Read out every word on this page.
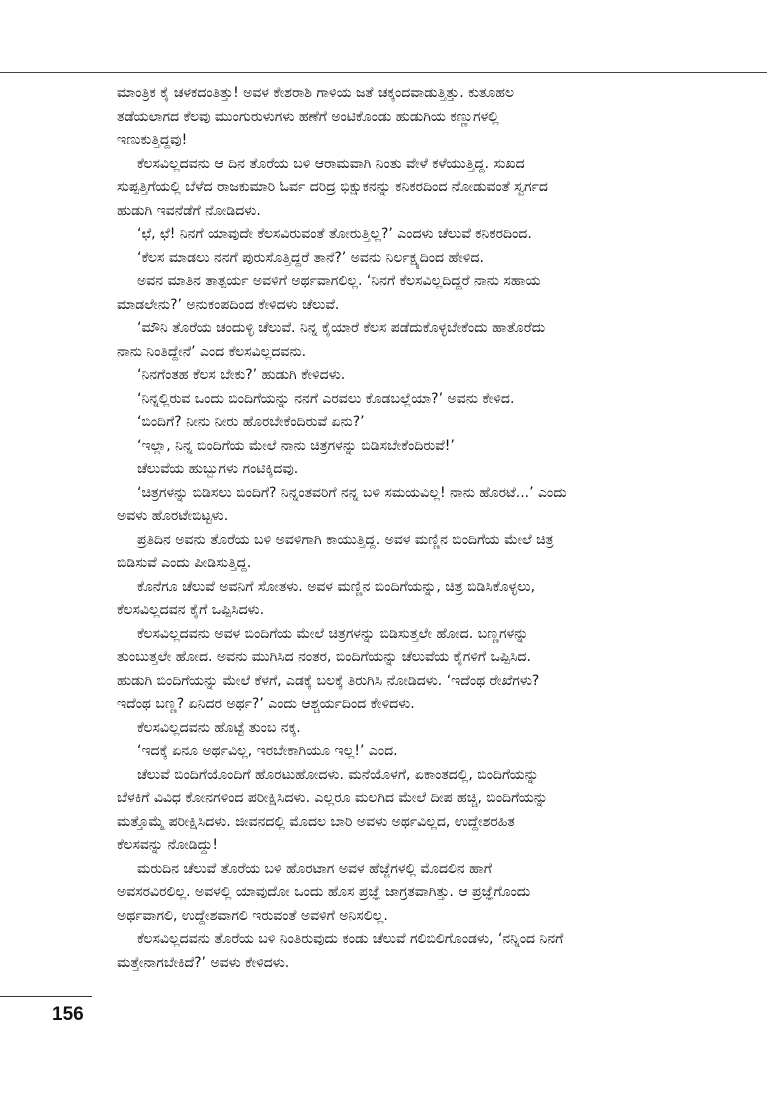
ಮಾಂತ್ರಿಕ ಕೈ ಚಳಕದಂತಿತ್ತು! ಅವಳ ಕೇಶರಾಶಿ ಗಾಳಿಯ ಜತೆ ಚಕ್ಕಂದವಾಡುತ್ತಿತ್ತು. ಕುತೂಹಲ
ತಡೆಯಲಾಗದ ಕೆಲವು ಮುಂಗುರುಳುಗಳು ಹಣೆಗೆ ಅಂಟಿಕೊಂಡು ಹುಡುಗಿಯ ಕಣ್ಣುಗಳಲ್ಲಿ
ಇಣುಕುತ್ತಿದ್ದವು!
ಕೆಲಸವಿಲ್ಲದವನು ಆ ದಿನ ತೊರೆಯ ಬಳಿ ಆರಾಮವಾಗಿ ನಿಂತು ವೇಳೆ ಕಳೆಯುತ್ತಿದ್ದ. ಸುಖದ
ಸುಪ್ಪತ್ತಿಗೆಯಲ್ಲಿ ಬೆಳೆದ ರಾಜಕುಮಾರಿ ಓರ್ವ ದರಿದ್ರ ಭಿಕ್ಷುಕನನ್ನು ಕನಿಕರದಿಂದ ನೋಡುವಂತೆ ಸ್ವರ್ಗದ
ಹುಡುಗಿ ಇವನೆಡೆಗೆ ನೋಡಿದಳು.
‘ಛೆ, ಛೆ! ನಿನಗೆ ಯಾವುದೇ ಕೆಲಸವಿರುವಂತೆ ತೋರುತ್ತಿಲ್ಲ?’ ಎಂದಳು ಚೆಲುವೆ ಕನಿಕರದಿಂದ.
‘ಕೆಲಸ ಮಾಡಲು ನನಗೆ ಪುರುಸೊತ್ತಿದ್ದರೆ ತಾನೆ?’ ಅವನು ನಿರ್ಲಕ್ಷ್ಯದಿಂದ ಹೇಳಿದ.
ಅವನ ಮಾತಿನ ತಾತ್ಪರ್ಯ ಅವಳಿಗೆ ಅರ್ಥವಾಗಲಿಲ್ಲ. ‘ನಿನಗೆ ಕೆಲಸವಿಲ್ಲದಿದ್ದರೆ ನಾನು ಸಹಾಯ
ಮಾಡಲೇನು?’ ಅನುಕಂಪದಿಂದ ಕೇಳಿದಳು ಚೆಲುವೆ.
‘ಮೌನಿ ತೊರೆಯ ಚಂದುಳ್ಳಿ ಚೆಲುವೆ. ನಿನ್ನ ಕೈಯಾರೆ ಕೆಲಸ ಪಡೆದುಕೊಳ್ಳಬೇಕೆಂದು ಹಾತೊರೆದು
ನಾನು ನಿಂತಿದ್ದೇನೆ’ ಎಂದ ಕೆಲಸವಿಲ್ಲದವನು.
‘ನಿನಗೆಂತಹ ಕೆಲಸ ಬೇಕು?’ ಹುಡುಗಿ ಕೇಳಿದಳು.
‘ನಿನ್ನಲ್ಲಿರುವ ಒಂದು ಬಿಂದಿಗೆಯನ್ನು ನನಗೆ ಎರವಲು ಕೊಡಬಲ್ಲೆಯಾ?’ ಅವನು ಕೇಳಿದ.
‘ಬಿಂದಿಗೆ? ನೀನು ನೀರು ಹೊರಬೇಕೆಂದಿರುವೆ ಏನು?’
‘ಇಲ್ಲಾ, ನಿನ್ನ ಬಿಂದಿಗೆಯ ಮೇಲೆ ನಾನು ಚಿತ್ರಗಳನ್ನು ಬಿಡಿಸಬೇಕೆಂದಿರುವೆ!’
ಚೆಲುವೆಯ ಹುಬ್ಬುಗಳು ಗಂಟಿಕ್ಕಿದವು.
‘ಚಿತ್ರಗಳನ್ನು ಬಿಡಿಸಲು ಬಿಂದಿಗೆ? ನಿನ್ನಂತವರಿಗೆ ನನ್ನ ಬಳಿ ಸಮಯವಿಲ್ಲ! ನಾನು ಹೊರಟೆ...’ ಎಂದು
ಅವಳು ಹೊರಟೇಬಿಟ್ಟಳು.
ಪ್ರತಿದಿನ ಅವನು ತೊರೆಯ ಬಳಿ ಅವಳಿಗಾಗಿ ಕಾಯುತ್ತಿದ್ದ. ಅವಳ ಮಣ್ಣಿನ ಬಿಂದಿಗೆಯ ಮೇಲೆ ಚಿತ್ರ
ಬಿಡಿಸುವೆ ಎಂದು ಪೀಡಿಸುತ್ತಿದ್ದ.
ಕೊನೆಗೂ ಚೆಲುವೆ ಅವನಿಗೆ ಸೋತಳು. ಅವಳ ಮಣ್ಣಿನ ಬಿಂದಿಗೆಯನ್ನು, ಚಿತ್ರ ಬಿಡಿಸಿಕೊಳ್ಳಲು,
ಕೆಲಸವಿಲ್ಲದವನ ಕೈಗೆ ಒಪ್ಪಿಸಿದಳು.
ಕೆಲಸವಿಲ್ಲದವನು ಅವಳ ಬಿಂದಿಗೆಯ ಮೇಲೆ ಚಿತ್ರಗಳನ್ನು ಬಿಡಿಸುತ್ತಲೇ ಹೋದ. ಬಣ್ಣಗಳನ್ನು
ತುಂಬುತ್ತಲೇ ಹೋದ. ಅವನು ಮುಗಿಸಿದ ನಂತರ, ಬಿಂದಿಗೆಯನ್ನು ಚೆಲುವೆಯ ಕೈಗಳಿಗೆ ಒಪ್ಪಿಸಿದ.
ಹುಡುಗಿ ಬಿಂದಿಗೆಯನ್ನು ಮೇಲೆ ಕೆಳಗೆ, ಎಡಕ್ಕೆ ಬಲಕ್ಕೆ ತಿರುಗಿಸಿ ನೋಡಿದಳು. ‘ಇದೆಂಥ ರೇಖೆಗಳು?
ಇದೆಂಥ ಬಣ್ಣ? ಏನಿದರ ಅರ್ಥ?’ ಎಂದು ಆಶ್ಚರ್ಯದಿಂದ ಕೇಳಿದಳು.
ಕೆಲಸವಿಲ್ಲದವನು ಹೊಟ್ಟೆ ತುಂಬ ನಕ್ಕ.
‘ಇದಕ್ಕೆ ಏನೂ ಅರ್ಥವಿಲ್ಲ, ಇರಬೇಕಾಗಿಯೂ ಇಲ್ಲ!’ ಎಂದ.
ಚೆಲುವೆ ಬಿಂದಿಗೆಯೊಂದಿಗೆ ಹೊರಟುಹೋದಳು. ಮನೆಯೊಳಗೆ, ಏಕಾಂತದಲ್ಲಿ, ಬಿಂದಿಗೆಯನ್ನು
ಬೆಳಕಿಗೆ ವಿವಿಧ ಕೋನಗಳಿಂದ ಪರೀಕ್ಷಿಸಿದಳು. ಎಲ್ಲರೂ ಮಲಗಿದ ಮೇಲೆ ದೀಪ ಹಚ್ಚಿ, ಬಿಂದಿಗೆಯನ್ನು
ಮತ್ತೊಮ್ಮೆ ಪರೀಕ್ಷಿಸಿದಳು. ಜೀವನದಲ್ಲಿ ಮೊದಲ ಬಾರಿ ಅವಳು ಅರ್ಥವಿಲ್ಲದ, ಉದ್ದೇಶರಹಿತ
ಕೆಲಸವನ್ನು ನೋಡಿದ್ದು!
ಮರುದಿನ ಚೆಲುವೆ ತೊರೆಯ ಬಳಿ ಹೊರಟಾಗ ಅವಳ ಹೆಜ್ಜೆಗಳಲ್ಲಿ ಮೊದಲಿನ ಹಾಗೆ
ಅವಸರವಿರಲಿಲ್ಲ. ಅವಳಲ್ಲಿ ಯಾವುದೋ ಒಂದು ಹೊಸ ಪ್ರಜ್ಞೆ ಜಾಗ್ರತವಾಗಿತ್ತು. ಆ ಪ್ರಜ್ಞೆಗೊಂದು
ಅರ್ಥವಾಗಲಿ, ಉದ್ದೇಶವಾಗಲಿ ಇರುವಂತೆ ಅವಳಿಗೆ ಅನಿಸಲಿಲ್ಲ.
ಕೆಲಸವಿಲ್ಲದವನು ತೊರೆಯ ಬಳಿ ನಿಂತಿರುವುದು ಕಂಡು ಚೆಲುವೆ ಗಲಿಬಿಲಿಗೊಂಡಳು, ‘ನನ್ನಿಂದ ನಿನಗೆ
ಮತ್ತೇನಾಗಬೇಕಿದೆ?’ ಅವಳು ಕೇಳಿದಳು.
156
